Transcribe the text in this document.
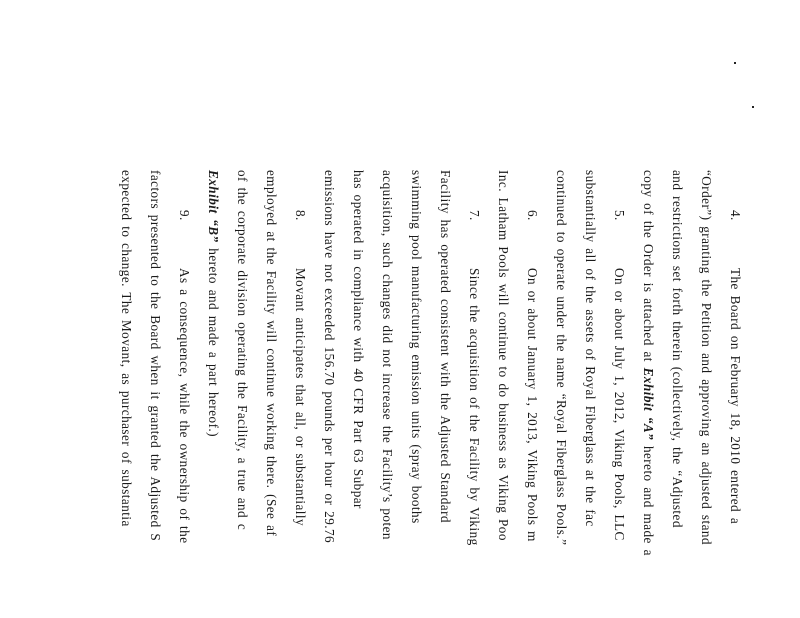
4.The Board on February 18, 2010 entered a
“Order”) granting the Petition and approving an adjusted stand
and restrictions set forth therein (collectively, the “Adjusted
copy of the Order is attached at Exhibit “A” hereto and made a
5.On or about July 1, 2012, Viking Pools, LLC
substantially all of the assets of Royal Fiberglass at the fac
continued to operate under the name “Royal Fiberglass Pools.”
6.On or about January 1, 2013, Viking Pools m
Inc. Latham Pools will continue to do business as Viking Poo
7.Since the acquisition of the Facility by Viking
Facility has operated consistent with the Adjusted Standard
swimming pool manufacturing emission units (spray booths
acquisition, such changes did not increase the Facility’s poten
has operated in compliance with 40 CFR Part 63 Subpar
emissions have not exceeded 156.70 pounds per hour or 29.76
8.Movant anticipates that all, or substantially
employed at the Facility will continue working there. (See af
of the corporate division operating the Facility, a true and c
Exhibit “B” hereto and made a part hereof.)
9.As a consequence, while the ownership of the
factors presented to the Board when it granted the Adjusted S
expected to change. The Movant, as purchaser of substantia
